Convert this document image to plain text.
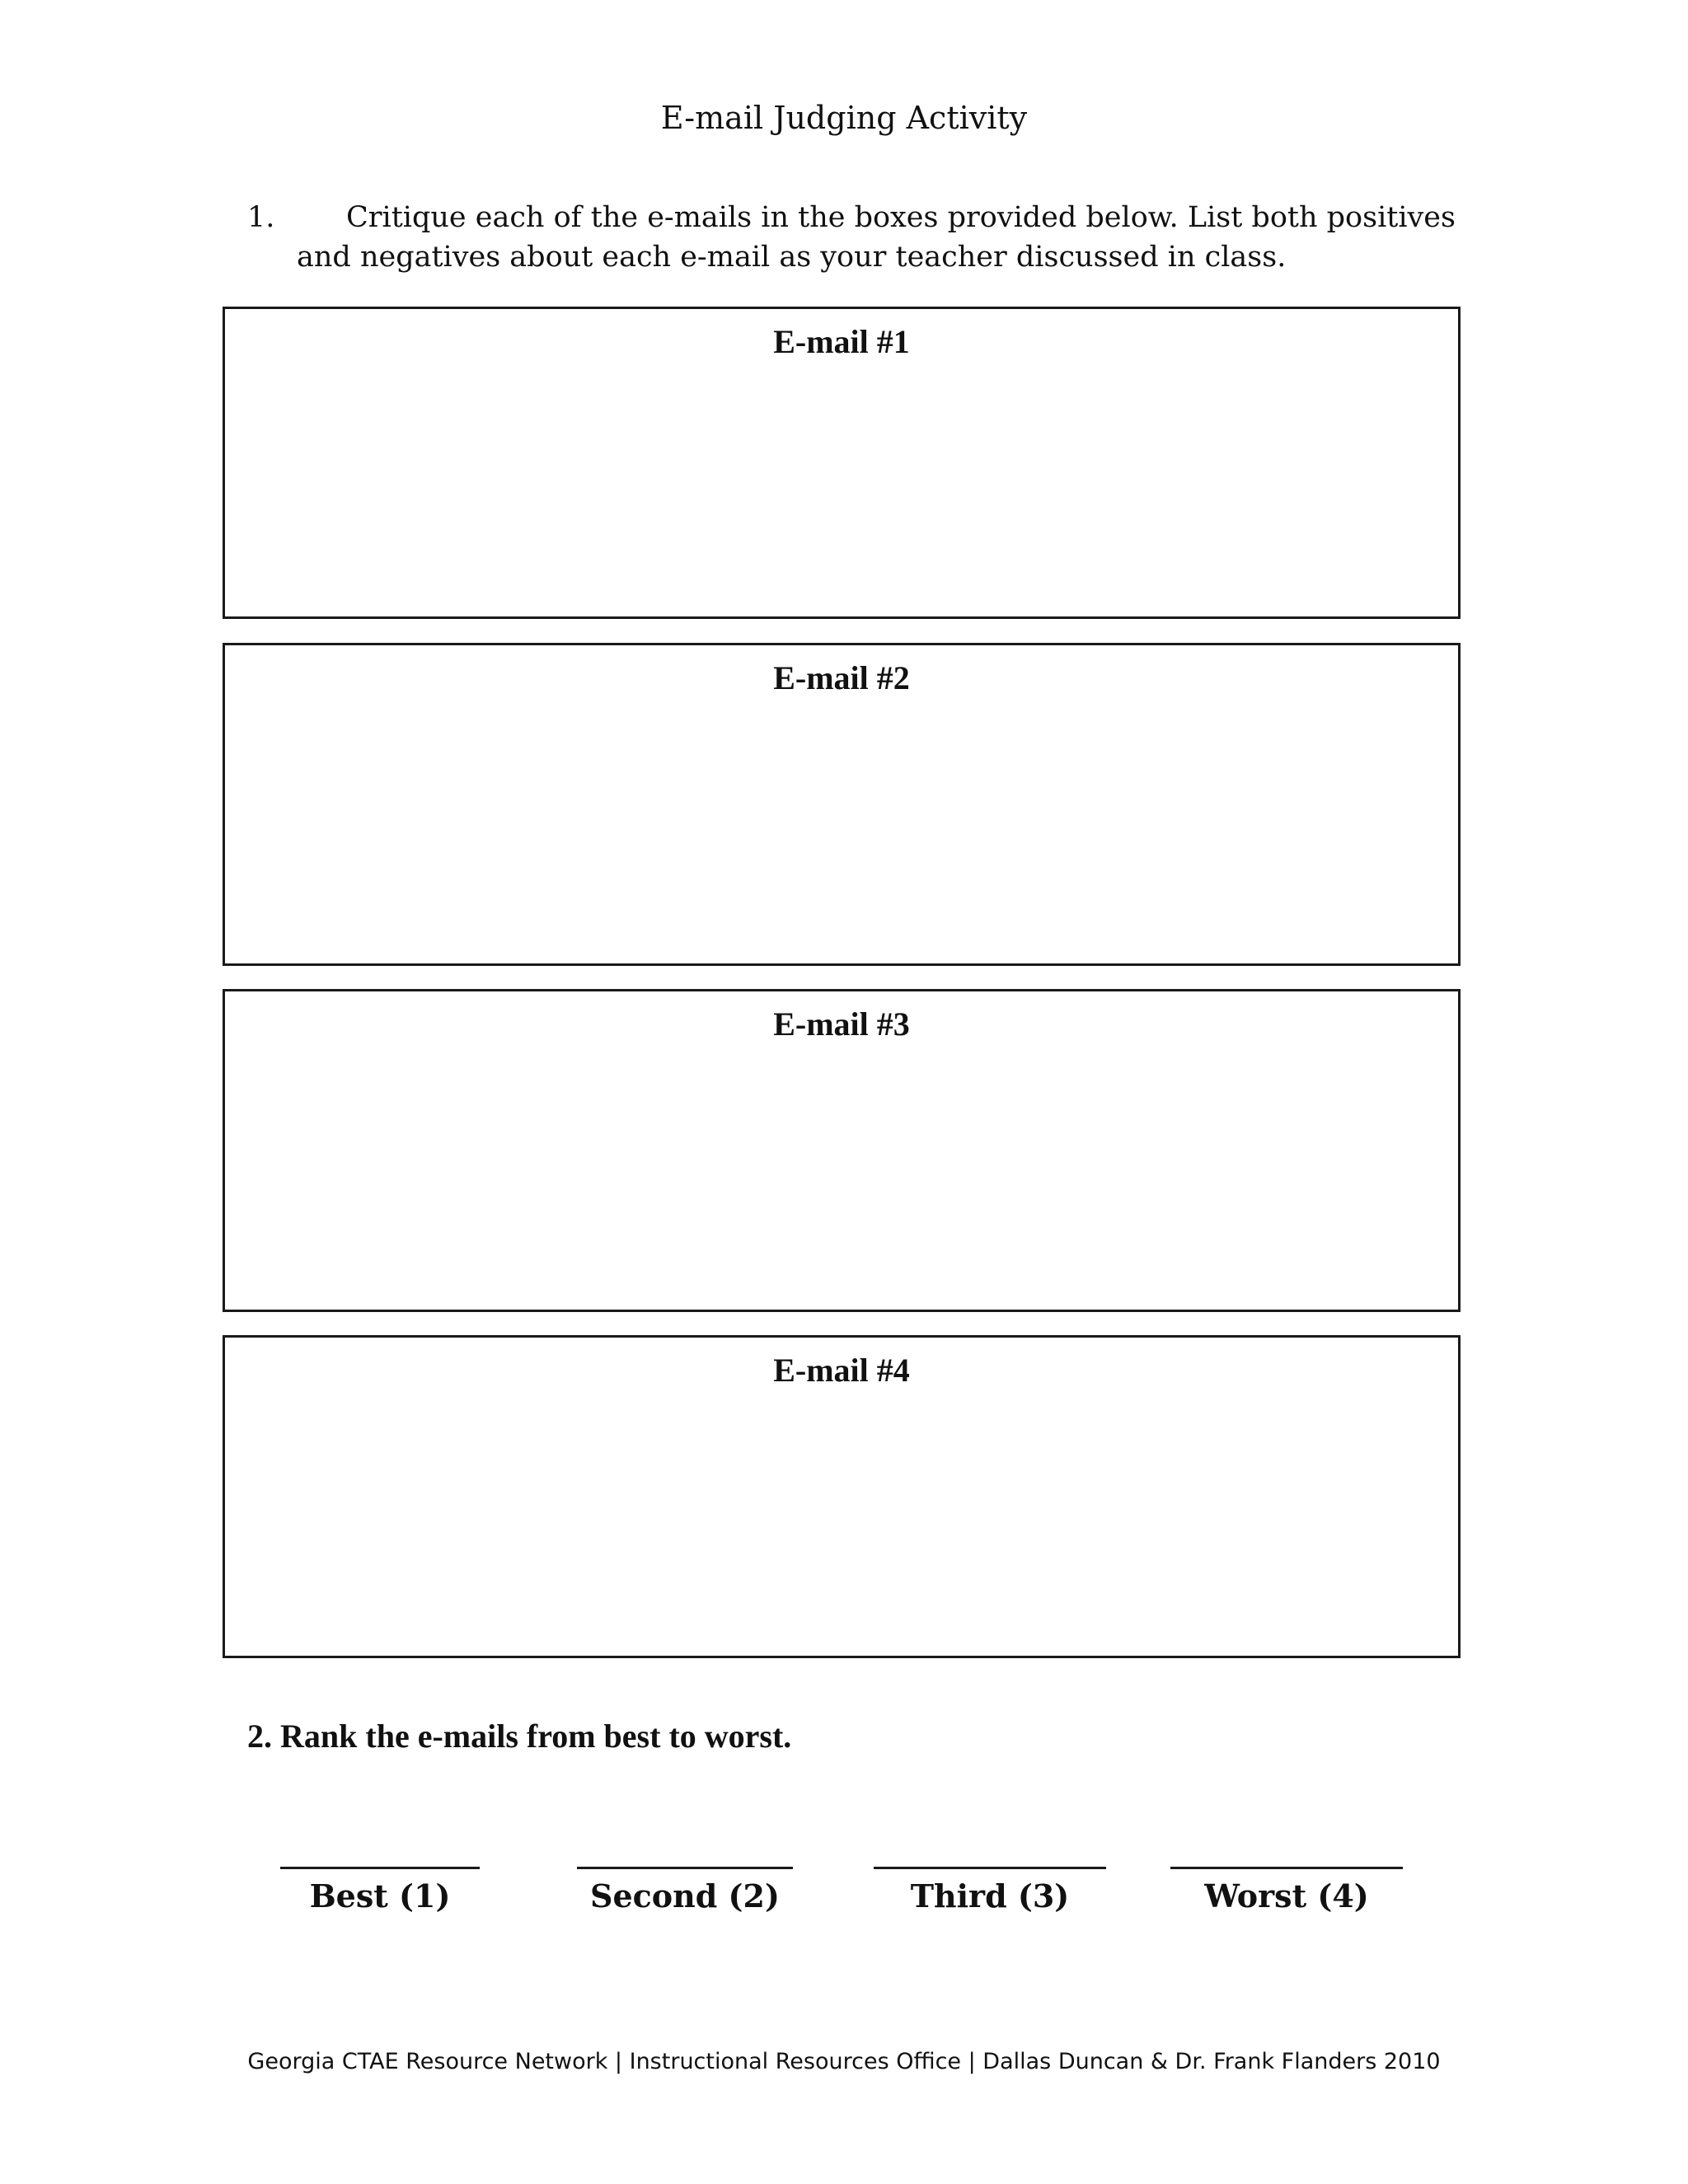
E-mail Judging Activity
1. Critique each of the e-mails in the boxes provided below. List both positives
and negatives about each e-mail as your teacher discussed in class.
E-mail #1
E-mail #2
E-mail #3
E-mail #4
2. Rank the e-mails from best to worst.
Best (1)	Second (2)	Third (3)	Worst (4)
Georgia CTAE Resource Network | Instructional Resources Office | Dallas Duncan & Dr. Frank Flanders 2010
